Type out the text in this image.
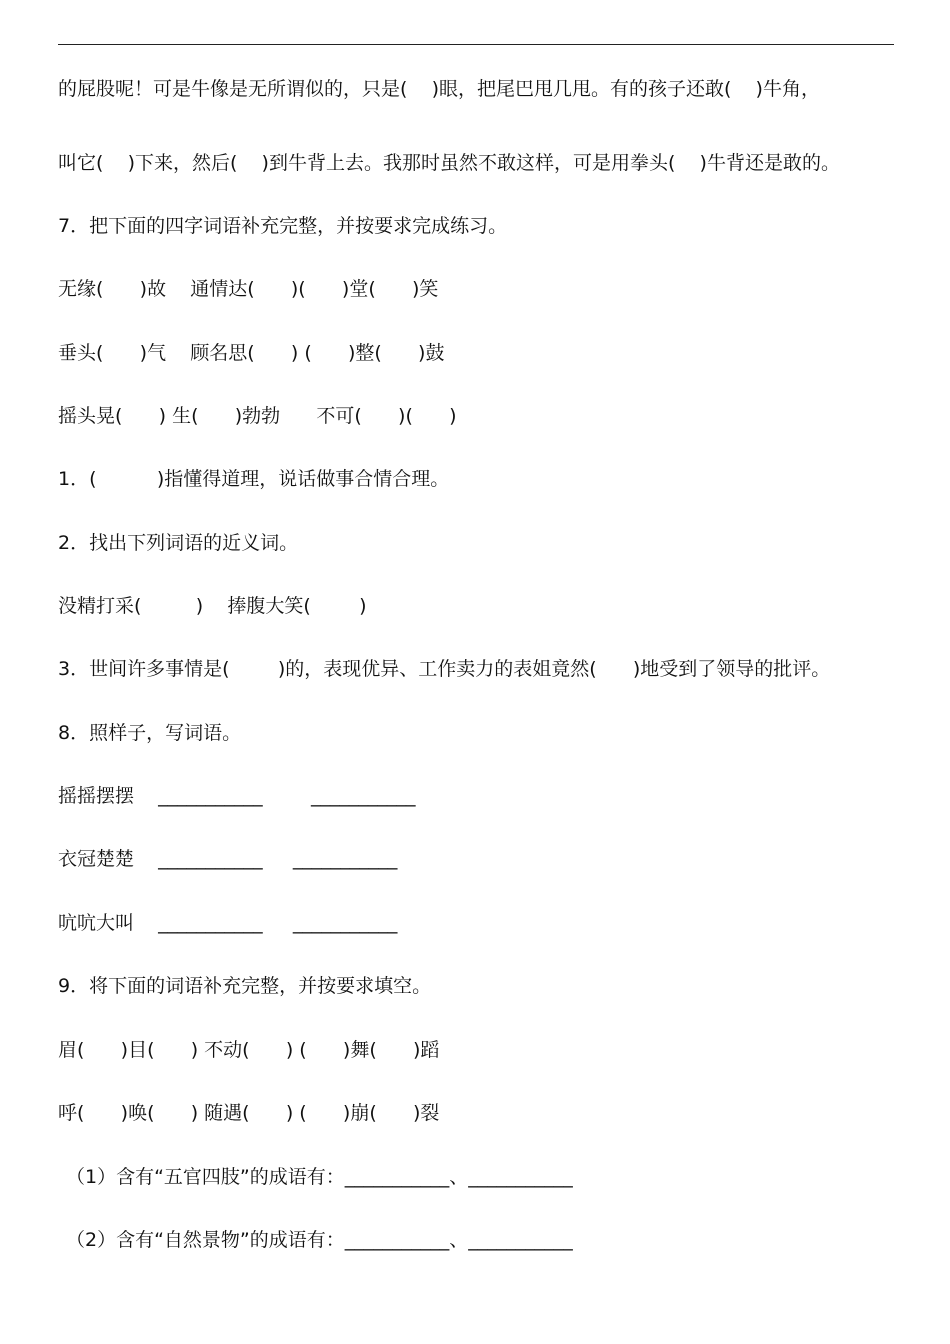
的屁股呢！可是牛像是无所谓似的，只是(    )眼，把尾巴甩几甩。有的孩子还敢(    )牛角，
叫它(    )下来，然后(    )到牛背上去。我那时虽然不敢这样，可是用拳头(    )牛背还是敢的。
7．把下面的四字词语补充完整，并按要求完成练习。
无缘(      )故    通情达(      )(      )堂(      )笑
垂头(      )气    顾名思(      ) (      )整(      )鼓
摇头晃(      ) 生(      )勃勃      不可(      )(      )
1．(          )指懂得道理，说话做事合情合理。
2．找出下列词语的近义词。
没精打采(         )    捧腹大笑(        )
3．世间许多事情是(        )的，表现优异、工作卖力的表姐竟然(      )地受到了领导的批评。
8．照样子，写词语。
摇摇摆摆    ___________        ___________
衣冠楚楚    ___________     ___________
吭吭大叫    ___________     ___________
9．将下面的词语补充完整，并按要求填空。
眉(      )目(      ) 不动(      ) (      )舞(      )蹈
呼(      )唤(      ) 随遇(      ) (      )崩(      )裂
（1）含有“五官四肢”的成语有：___________、___________
（2）含有“自然景物”的成语有：___________、___________
